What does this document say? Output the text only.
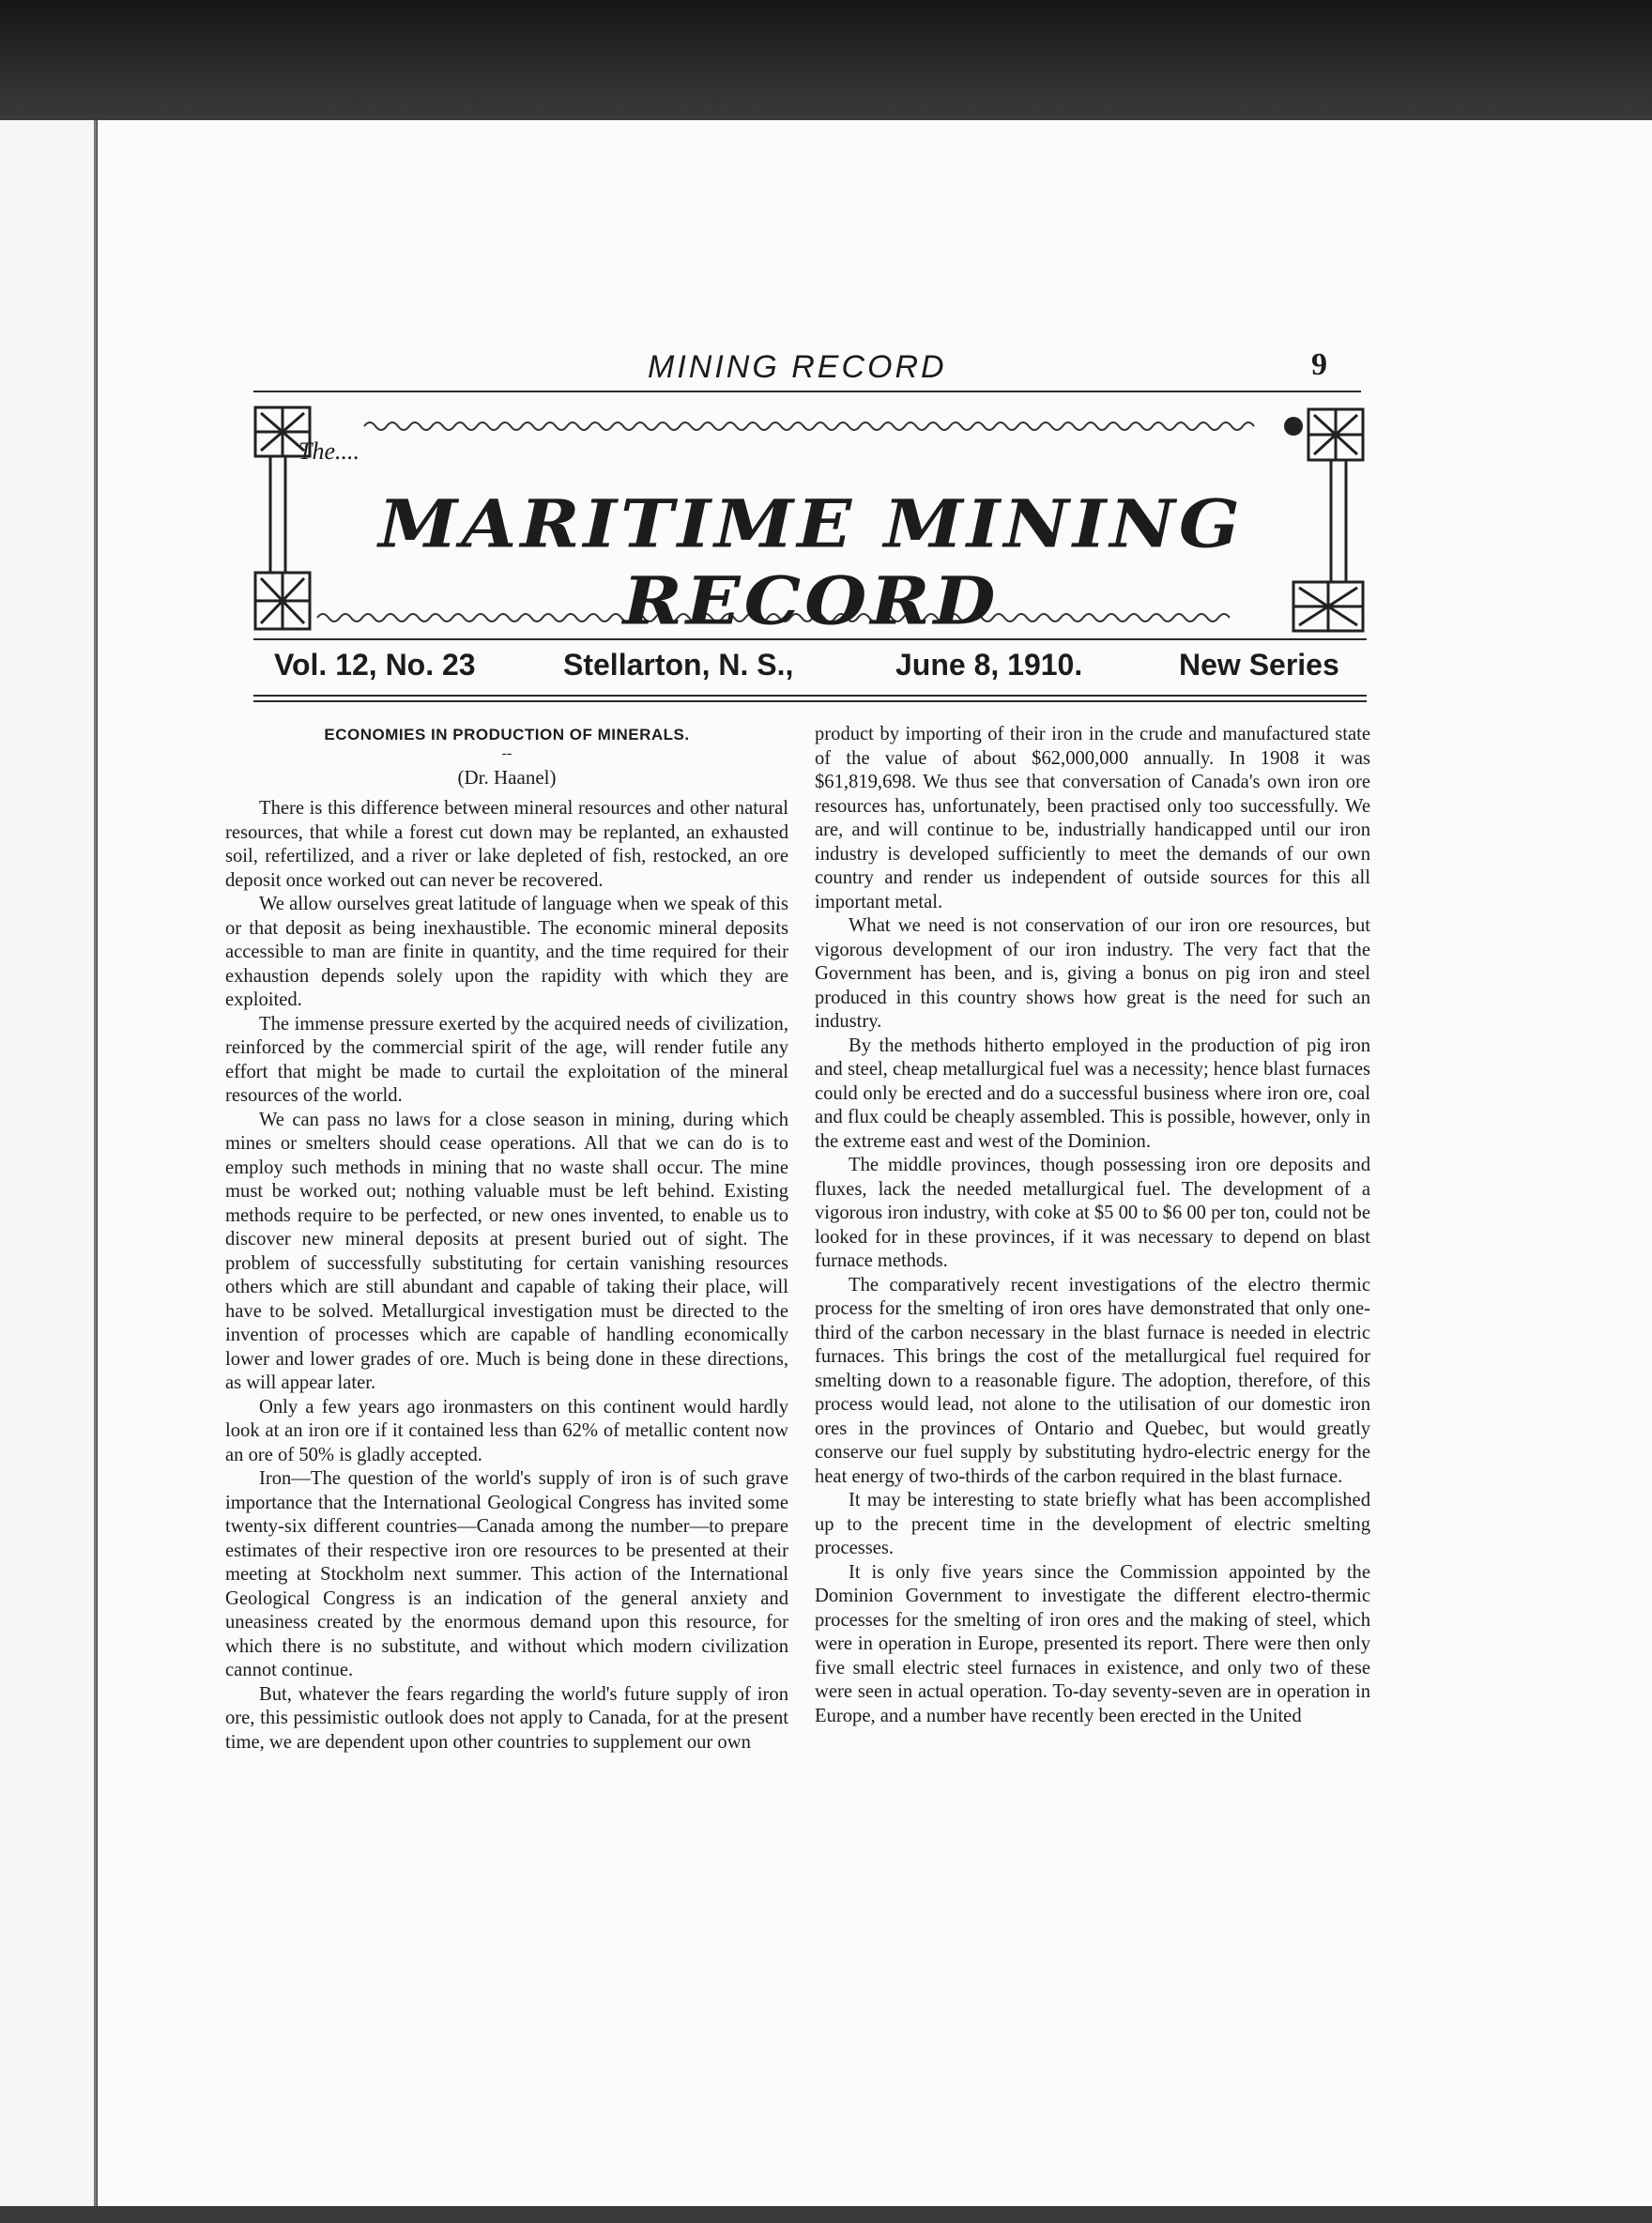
MINING RECORD	9
The....
MARITIME MINING RECORD
Vol. 12, No. 23	Stellarton, N. S.,	June 8, 1910.	New Series

ECONOMIES IN PRODUCTION OF MINERALS.

--
(Dr. Haanel)

There is this difference between mineral resources and other natural resources, that while a forest cut down may be replanted, an exhausted soil, refertilized, and a river or lake depleted of fish, restocked, an ore deposit once worked out can never be recovered.

We allow ourselves great latitude of language when we speak of this or that deposit as being inexhaustible. The economic mineral deposits accessible to man are finite in quantity, and the time required for their exhaustion depends solely upon the rapidity with which they are exploited.

The immense pressure exerted by the acquired needs of civilization, reinforced by the commercial spirit of the age, will render futile any effort that might be made to curtail the exploitation of the mineral resources of the world.

We can pass no laws for a close season in mining, during which mines or smelters should cease operations. All that we can do is to employ such methods in mining that no waste shall occur. The mine must be worked out; nothing valuable must be left behind. Existing methods require to be perfected, or new ones invented, to enable us to discover new mineral deposits at present buried out of sight. The problem of successfully substituting for certain vanishing resources others which are still abundant and capable of taking their place, will have to be solved. Metallurgical investigation must be directed to the invention of processes which are capable of handling economically lower and lower grades of ore. Much is being done in these directions, as will appear later.

Only a few years ago ironmasters on this continent would hardly look at an iron ore if it contained less than 62% of metallic content now an ore of 50% is gladly accepted.

Iron—The question of the world's supply of iron is of such grave importance that the International Geological Congress has invited some twenty-six different countries—Canada among the number—to prepare estimates of their respective iron ore resources to be presented at their meeting at Stockholm next summer. This action of the International Geological Congress is an indication of the general anxiety and uneasiness created by the enormous demand upon this resource, for which there is no substitute, and without which modern civilization cannot continue.

But, whatever the fears regarding the world's future supply of iron ore, this pessimistic outlook does not apply to Canada, for at the present time, we are dependent upon other countries to supplement our own

product by importing of their iron in the crude and manufactured state of the value of about $62,000,000 annually. In 1908 it was $61,819,698. We thus see that conversation of Canada's own iron ore resources has, unfortunately, been practised only too successfully. We are, and will continue to be, industrially handicapped until our iron industry is developed sufficiently to meet the demands of our own country and render us independent of outside sources for this all important metal.

What we need is not conservation of our iron ore resources, but vigorous development of our iron industry. The very fact that the Government has been, and is, giving a bonus on pig iron and steel produced in this country shows how great is the need for such an industry.

By the methods hitherto employed in the production of pig iron and steel, cheap metallurgical fuel was a necessity; hence blast furnaces could only be erected and do a successful business where iron ore, coal and flux could be cheaply assembled. This is possible, however, only in the extreme east and west of the Dominion.

The middle provinces, though possessing iron ore deposits and fluxes, lack the needed metallurgical fuel. The development of a vigorous iron industry, with coke at $5 00 to $6 00 per ton, could not be looked for in these provinces, if it was necessary to depend on blast furnace methods.

The comparatively recent investigations of the electro thermic process for the smelting of iron ores have demonstrated that only one-third of the carbon necessary in the blast furnace is needed in electric furnaces. This brings the cost of the metallurgical fuel required for smelting down to a reasonable figure. The adoption, therefore, of this process would lead, not alone to the utilisation of our domestic iron ores in the provinces of Ontario and Quebec, but would greatly conserve our fuel supply by substituting hydro-electric energy for the heat energy of two-thirds of the carbon required in the blast furnace.

It may be interesting to state briefly what has been accomplished up to the precent time in the development of electric smelting processes.

It is only five years since the Commission appointed by the Dominion Government to investigate the different electro-thermic processes for the smelting of iron ores and the making of steel, which were in operation in Europe, presented its report. There were then only five small electric steel furnaces in existence, and only two of these were seen in actual operation. To-day seventy-seven are in operation in Europe, and a number have recently been erected in the United
